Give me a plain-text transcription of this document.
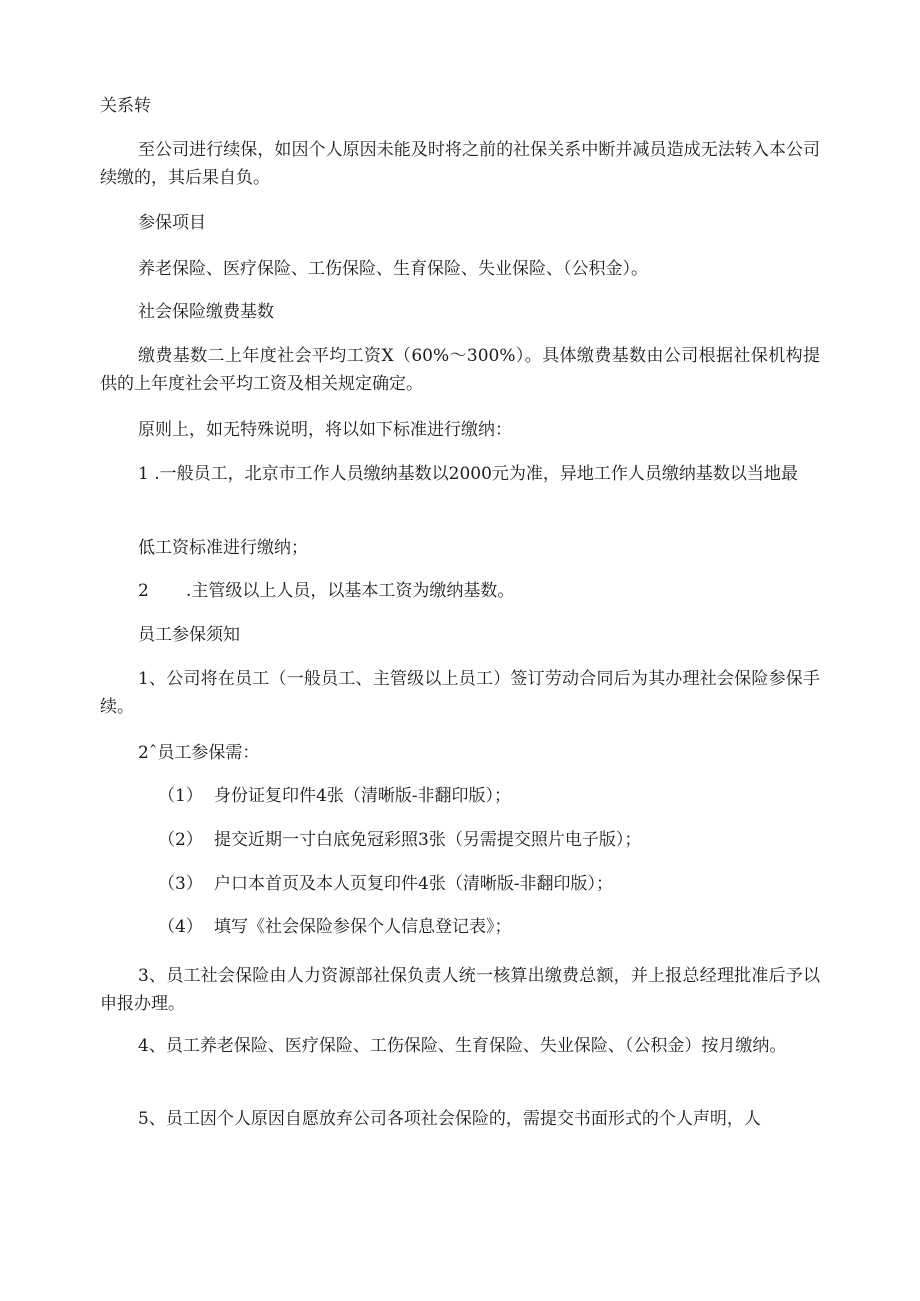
关系转

至公司进行续保，如因个人原因未能及时将之前的社保关系中断并减员造成无法转入本公司续缴的，其后果自负。

参保项目

养老保险、医疗保险、工伤保险、生育保险、失业保险、（公积金）。

社会保险缴费基数

缴费基数二上年度社会平均工资X（60%～300%）。具体缴费基数由公司根据社保机构提供的上年度社会平均工资及相关规定确定。

原则上，如无特殊说明，将以如下标准进行缴纳：

1 .一般员工，北京市工作人员缴纳基数以2000元为准，异地工作人员缴纳基数以当地最

低工资标准进行缴纳；

2 .主管级以上人员，以基本工资为缴纳基数。

员工参保须知

1、公司将在员工（一般员工、主管级以上员工）签订劳动合同后为其办理社会保险参保手续。

2ˆ员工参保需：

（1） 身份证复印件4张（清晰版-非翻印版）；

（2） 提交近期一寸白底免冠彩照3张（另需提交照片电子版）；

（3） 户口本首页及本人页复印件4张（清晰版-非翻印版）；

（4） 填写《社会保险参保个人信息登记表》；

3、员工社会保险由人力资源部社保负责人统一核算出缴费总额，并上报总经理批准后予以申报办理。

4、员工养老保险、医疗保险、工伤保险、生育保险、失业保险、（公积金）按月缴纳。

5、员工因个人原因自愿放弃公司各项社会保险的，需提交书面形式的个人声明，人
